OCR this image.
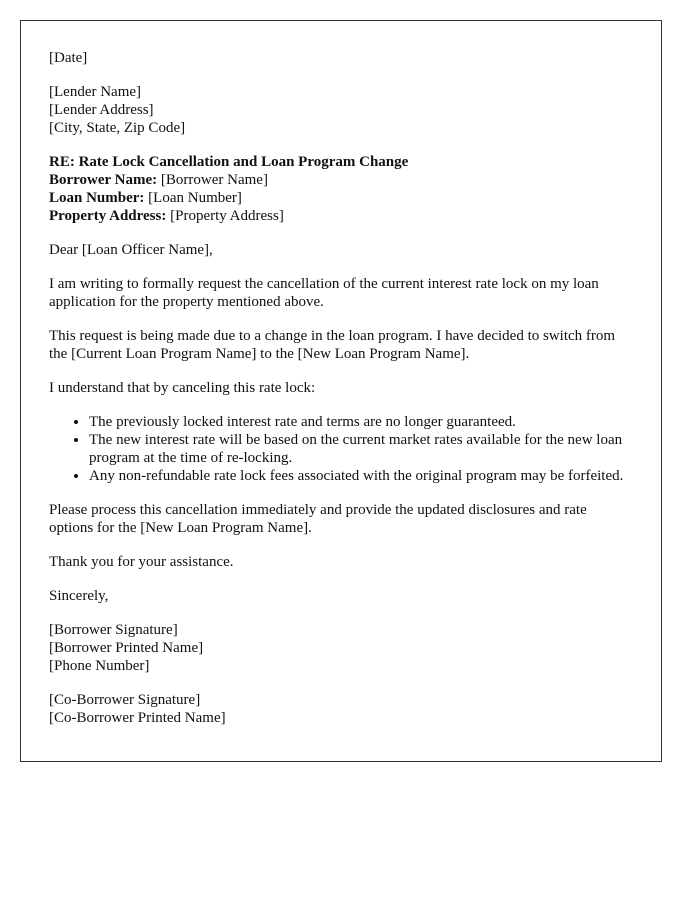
[Date]

[Lender Name]
[Lender Address]
[City, State, Zip Code]
RE: Rate Lock Cancellation and Loan Program Change
Borrower Name: [Borrower Name]
Loan Number: [Loan Number]
Property Address: [Property Address]

Dear [Loan Officer Name],

I am writing to formally request the cancellation of the current interest rate lock on my loan application for the property mentioned above.

This request is being made due to a change in the loan program. I have decided to switch from the [Current Loan Program Name] to the [New Loan Program Name].

I understand that by canceling this rate lock:

• The previously locked interest rate and terms are no longer guaranteed.
• The new interest rate will be based on the current market rates available for the new loan program at the time of re-locking.
• Any non-refundable rate lock fees associated with the original program may be forfeited.

Please process this cancellation immediately and provide the updated disclosures and rate options for the [New Loan Program Name].

Thank you for your assistance.

Sincerely,

[Borrower Signature]
[Borrower Printed Name]
[Phone Number]
[Co-Borrower Signature]
[Co-Borrower Printed Name]
